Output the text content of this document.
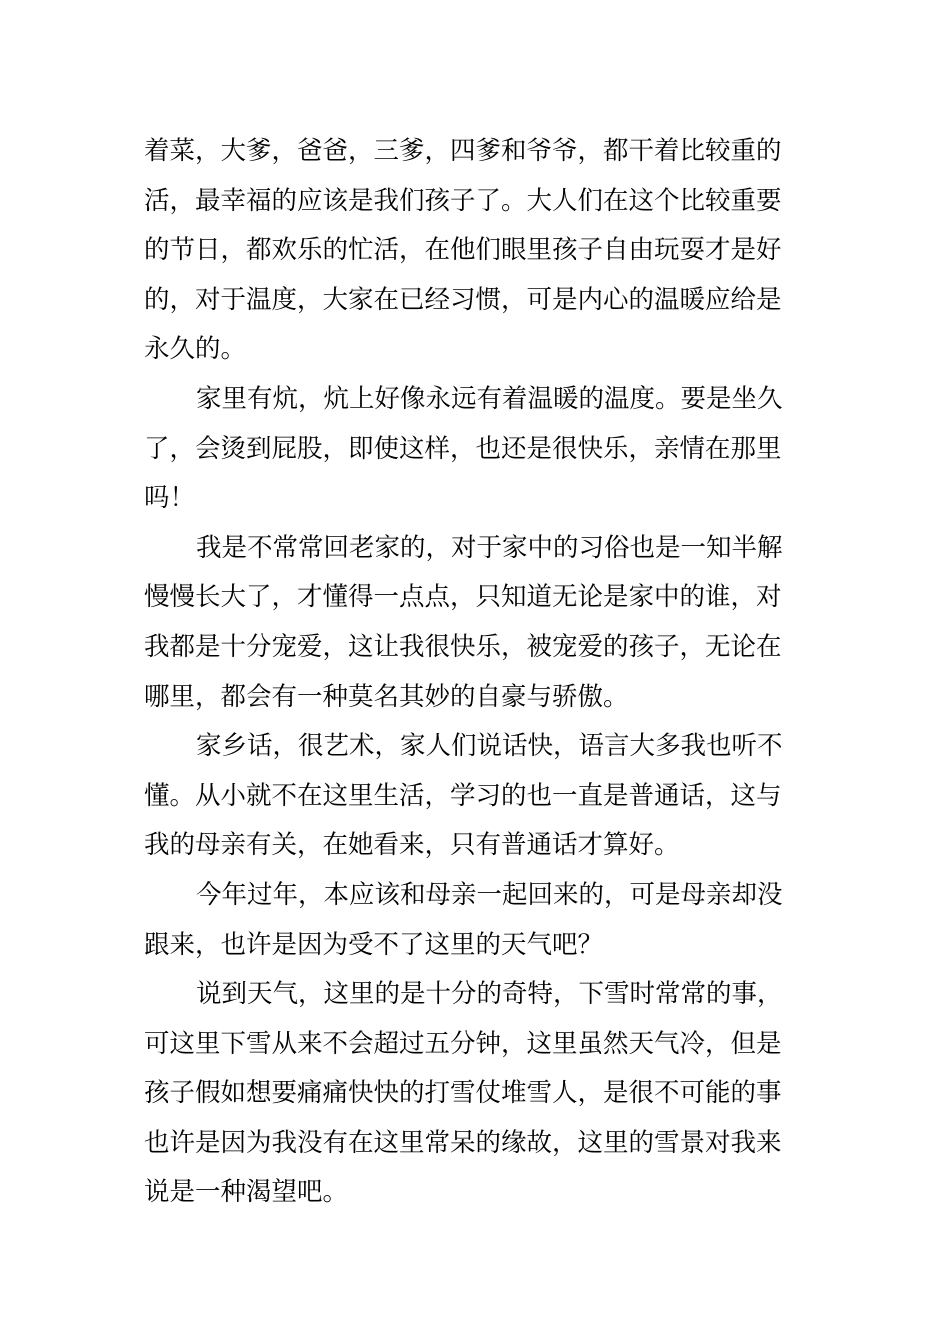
着菜，大爹，爸爸，三爹，四爹和爷爷，都干着比较重的
活，最幸福的应该是我们孩子了。大人们在这个比较重要
的节日，都欢乐的忙活，在他们眼里孩子自由玩耍才是好
的，对于温度，大家在已经习惯，可是内心的温暖应给是
永久的。
家里有炕，炕上好像永远有着温暖的温度。要是坐久
了，会烫到屁股，即使这样，也还是很快乐，亲情在那里
吗！
我是不常常回老家的，对于家中的习俗也是一知半解
慢慢长大了，才懂得一点点，只知道无论是家中的谁，对
我都是十分宠爱，这让我很快乐，被宠爱的孩子，无论在
哪里，都会有一种莫名其妙的自豪与骄傲。
家乡话，很艺术，家人们说话快，语言大多我也听不
懂。从小就不在这里生活，学习的也一直是普通话，这与
我的母亲有关，在她看来，只有普通话才算好。
今年过年，本应该和母亲一起回来的，可是母亲却没
跟来，也许是因为受不了这里的天气吧？
说到天气，这里的是十分的奇特，下雪时常常的事，
可这里下雪从来不会超过五分钟，这里虽然天气冷，但是
孩子假如想要痛痛快快的打雪仗堆雪人，是很不可能的事
也许是因为我没有在这里常呆的缘故，这里的雪景对我来
说是一种渴望吧。
